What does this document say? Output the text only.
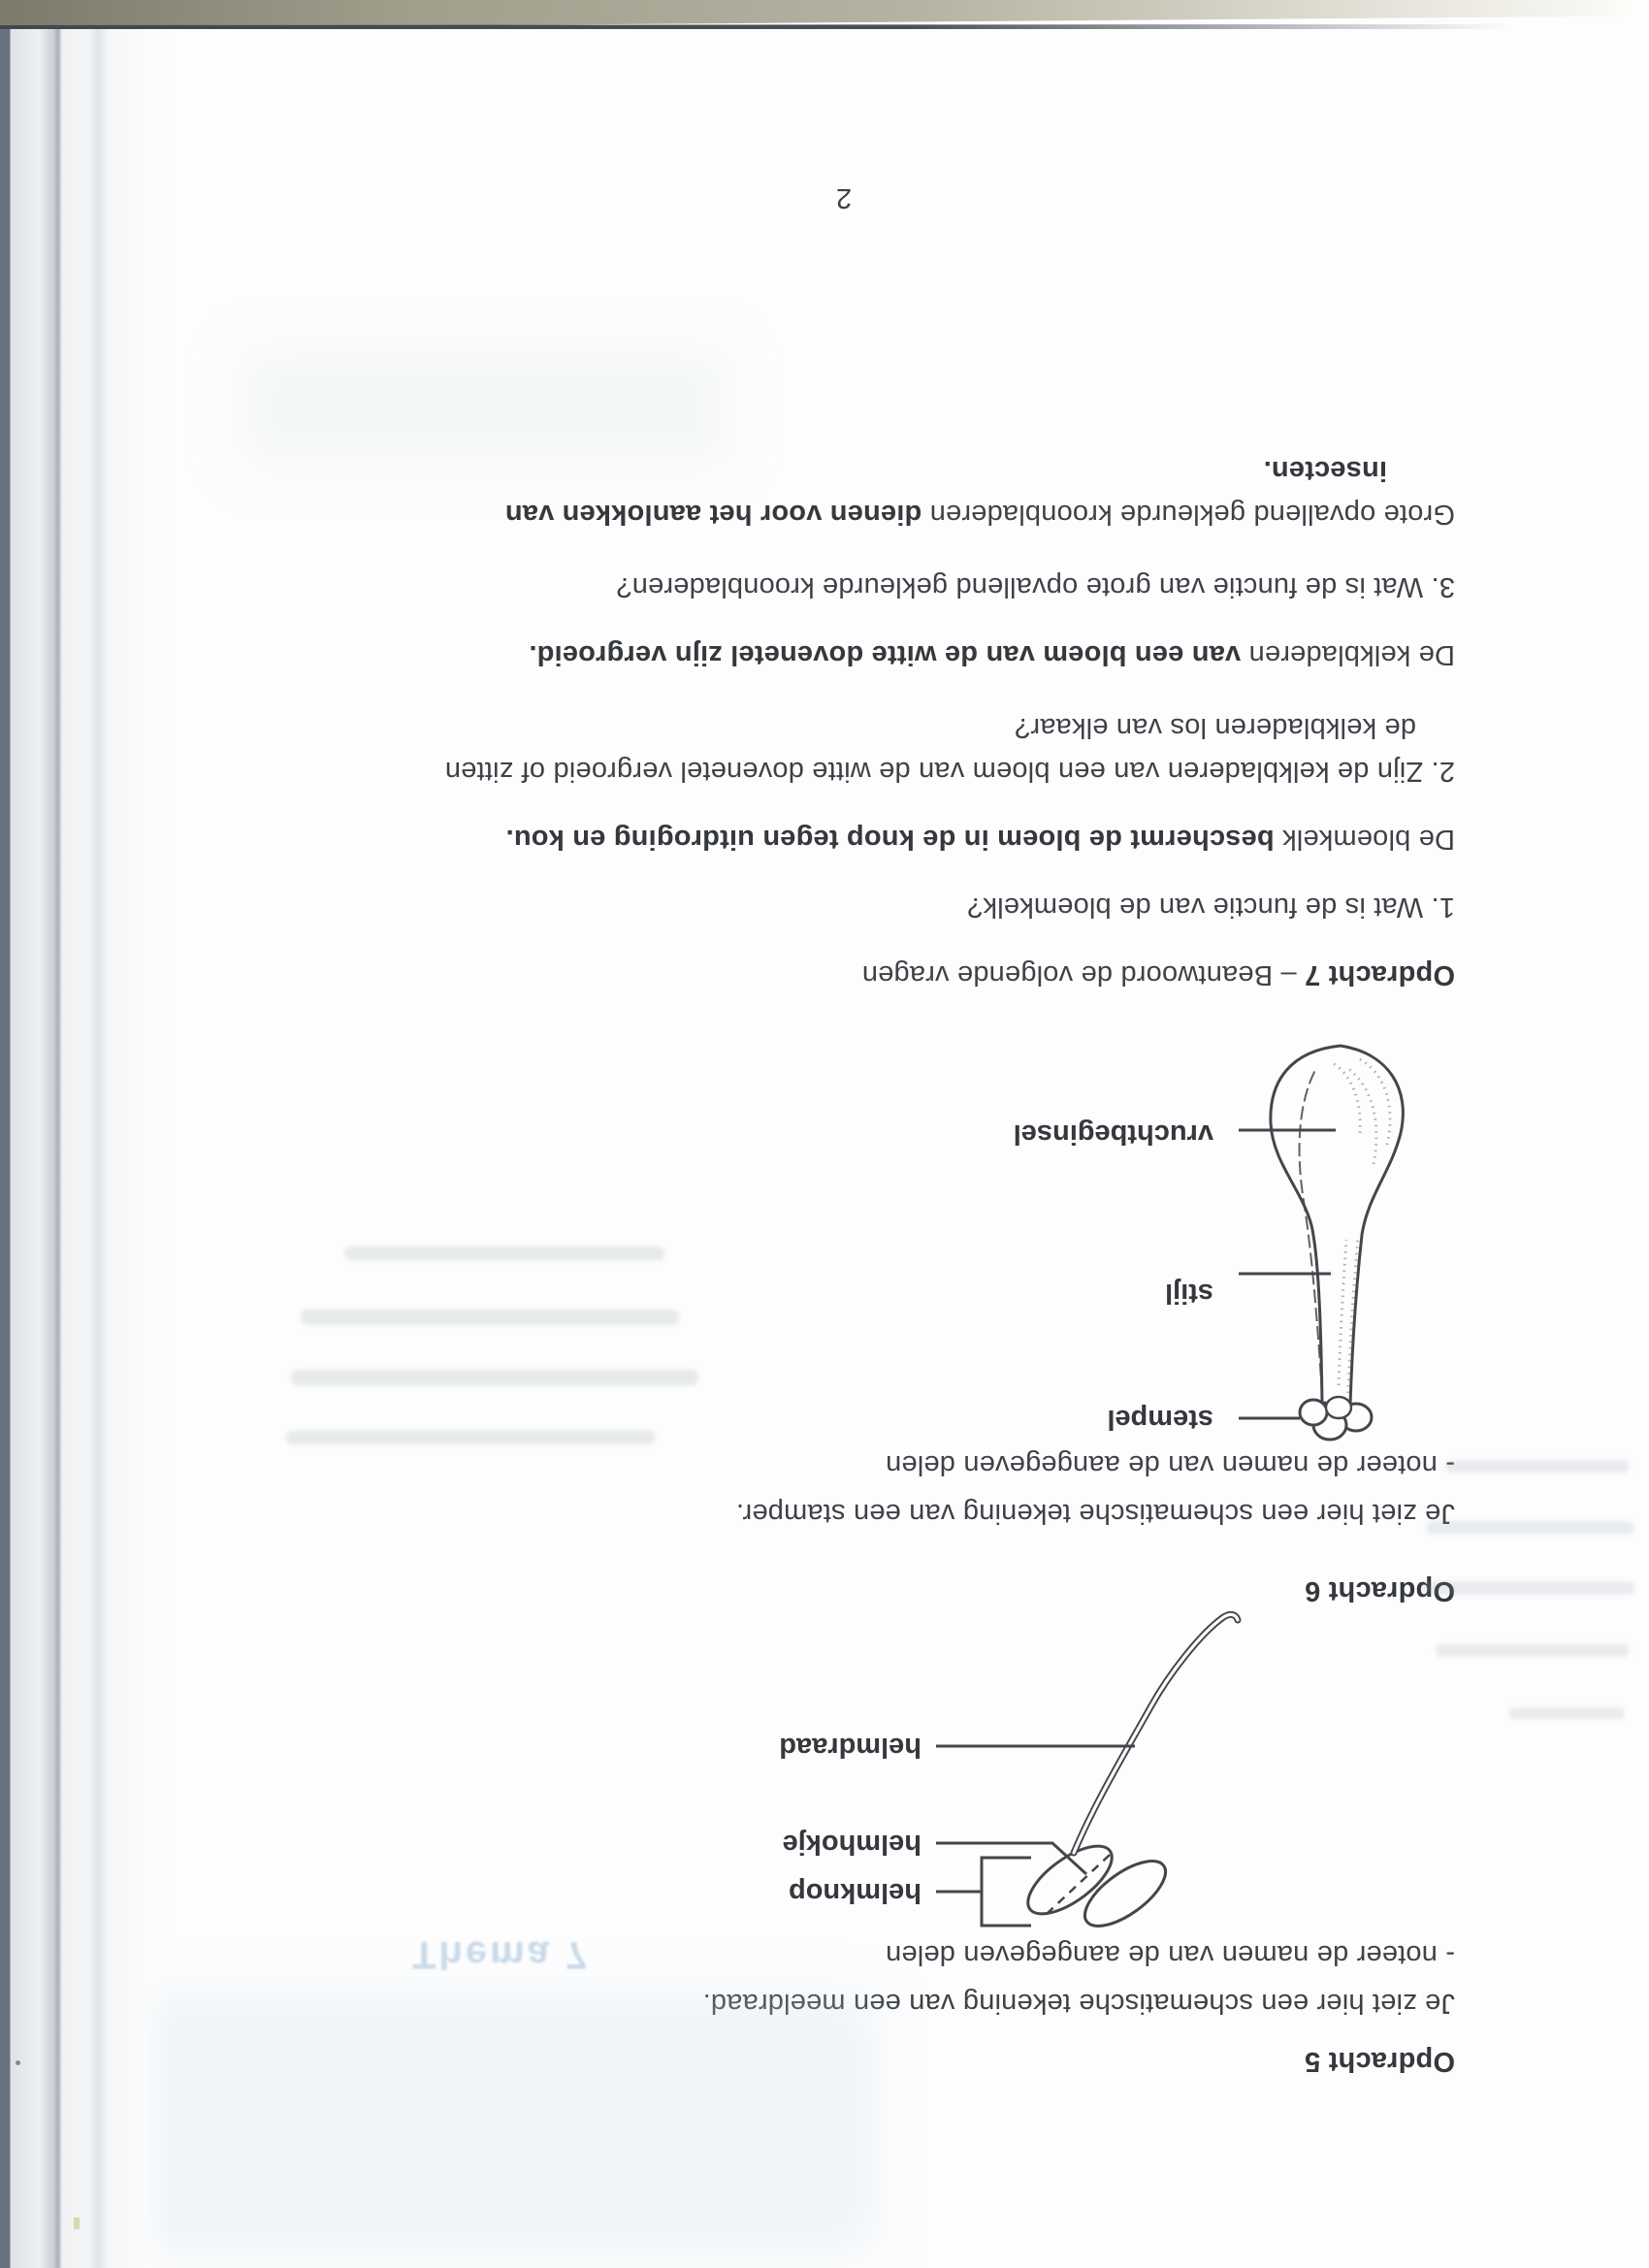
Opdracht 5
Je ziet hier een schematische tekening van een meeldraad.
- noteer de namen van de aangegeven delen
helmknop
helmhokje
helmdraad
Opdracht 6
Je ziet hier een schematische tekening van een stamper.
- noteer de namen van de aangegeven delen
stempel
stijl
vruchtbeginsel
Opdracht 7 – Beantwoord de volgende vragen
1. Wat is de functie van de bloemkelk?
De bloemkelk beschermt de bloem in de knop tegen uitdroging en kou.
2. Zijn de kelkbladeren van een bloem van de witte dovenetel vergroeid of zitten
de kelkbladeren los van elkaar?
De kelkbladeren van een bloem van de witte dovenetel zijn vergroeid.
3. Wat is de functie van grote opvallend gekleurde kroonbladeren?
Grote opvallend gekleurde kroonbladeren dienen voor het aanlokken van
insecten.
2
Thema 7
